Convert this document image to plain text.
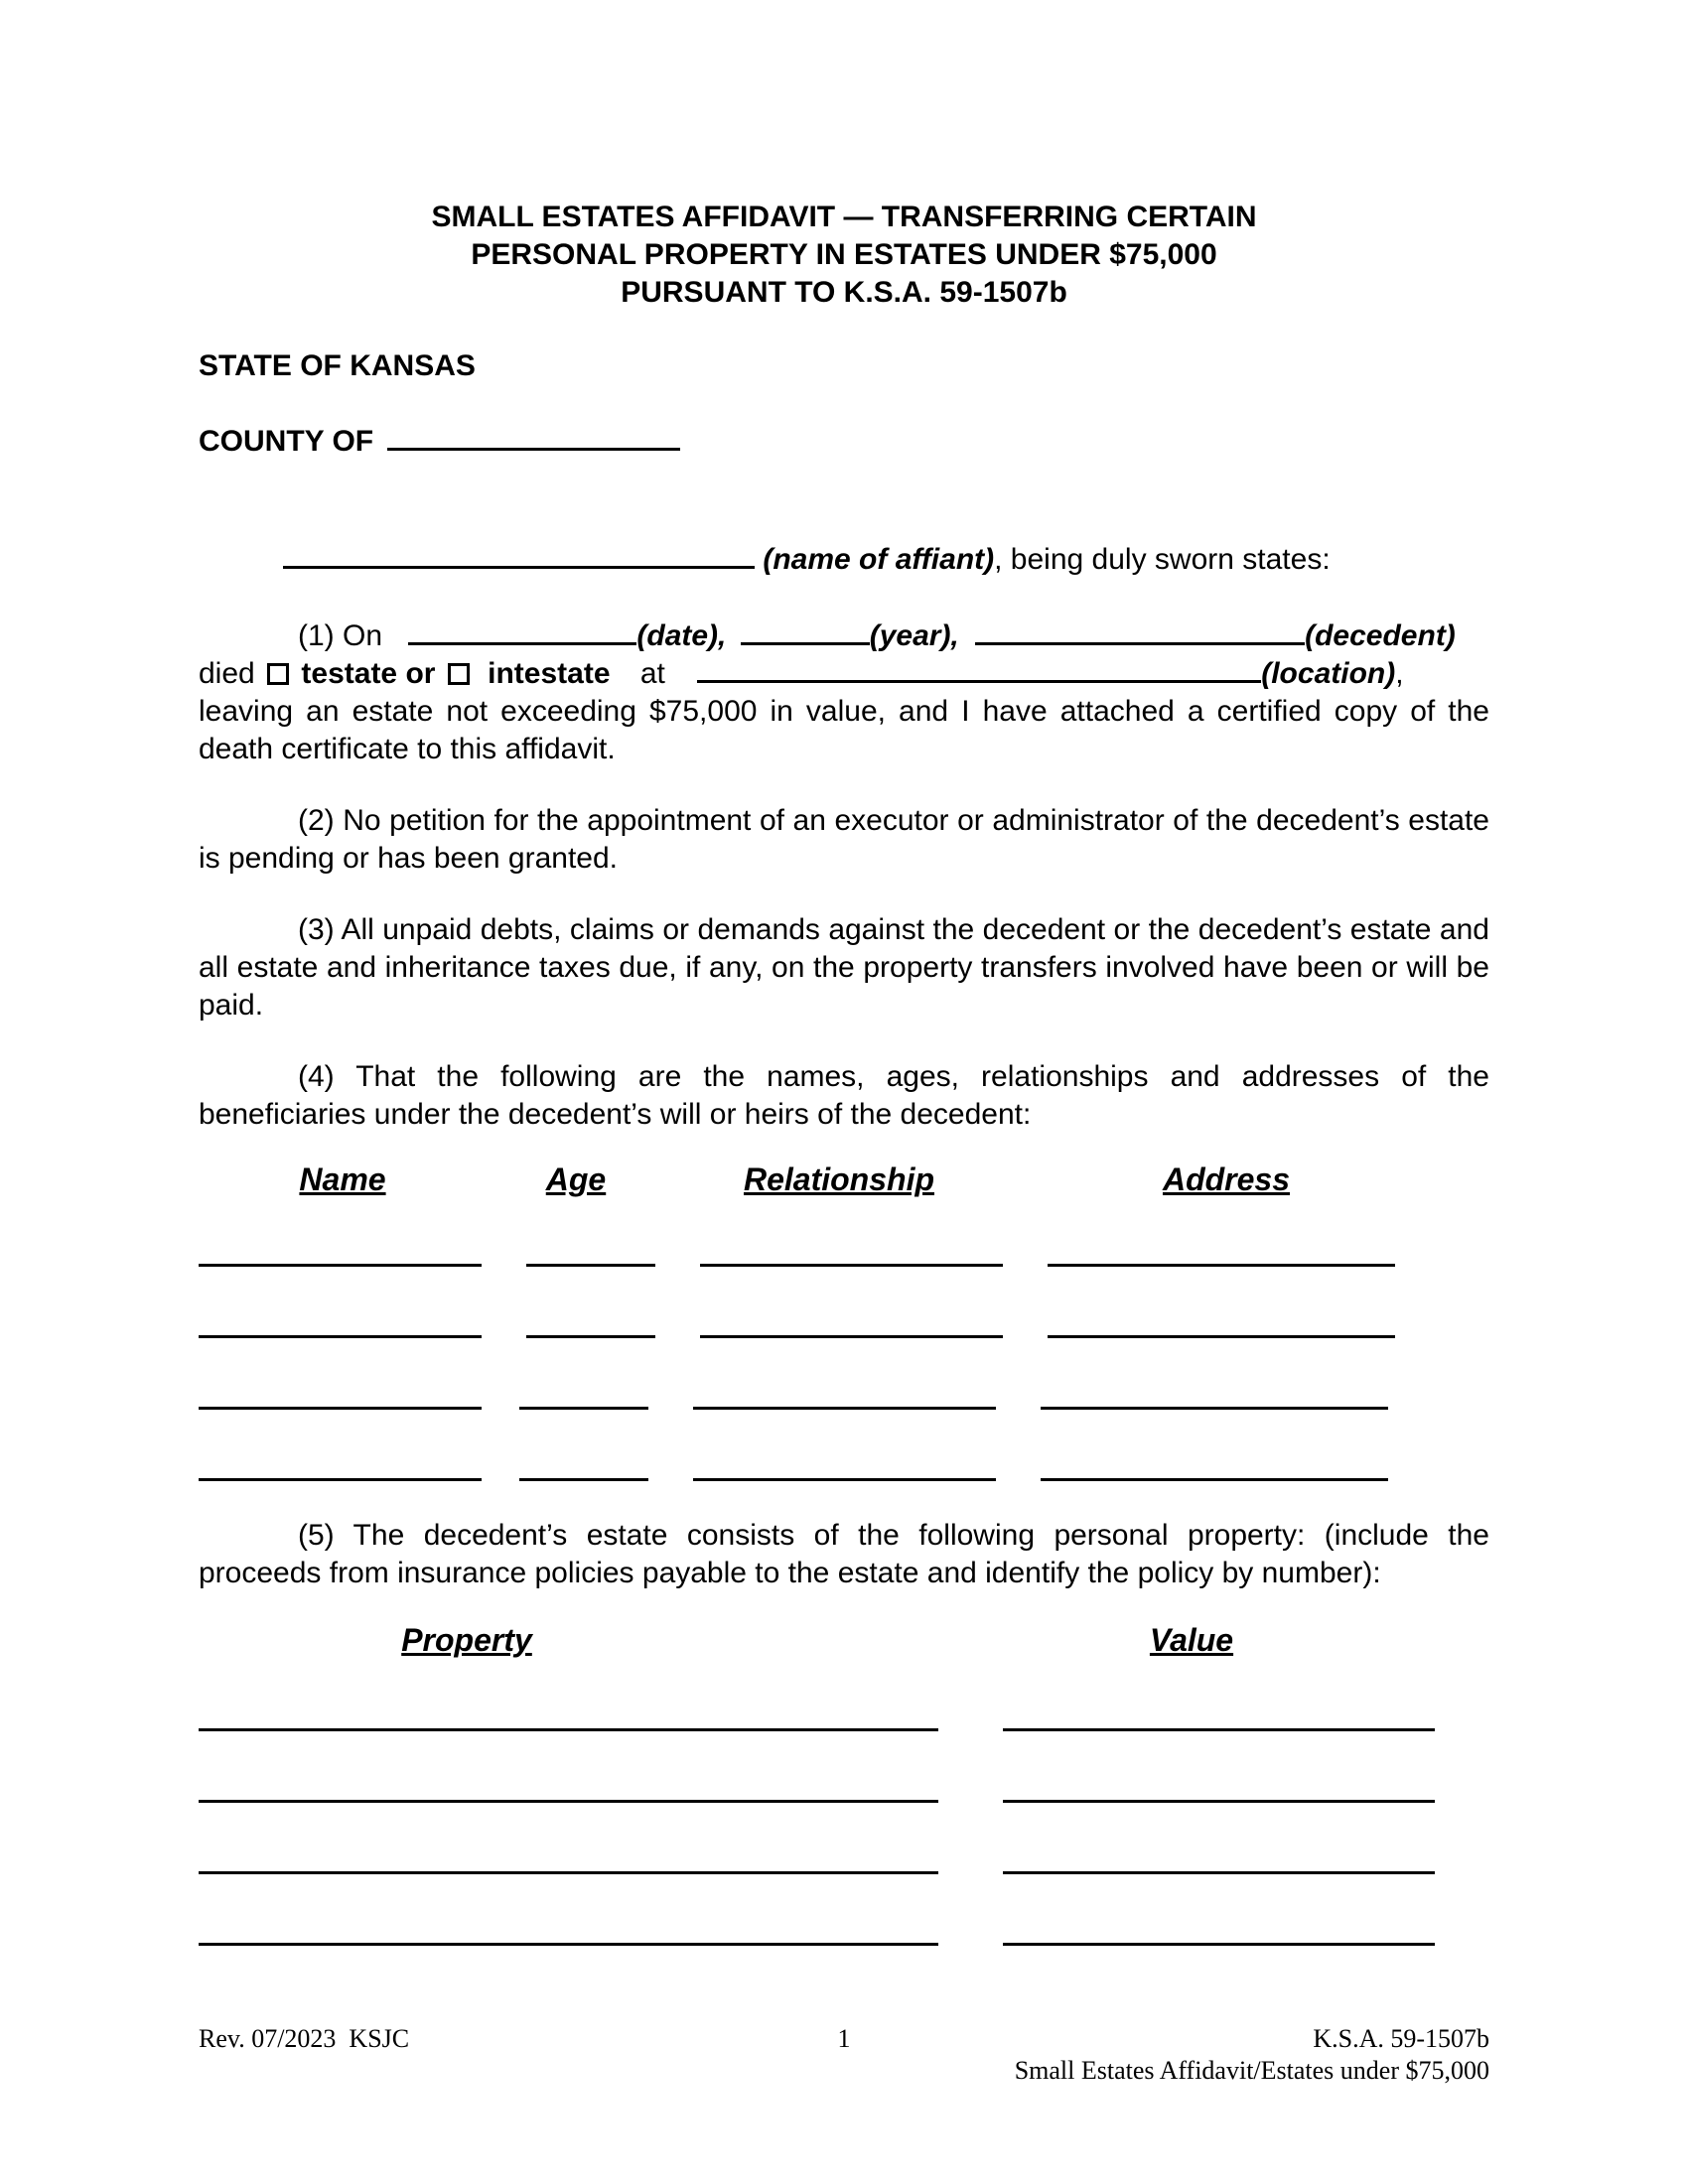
SMALL ESTATES AFFIDAVIT — TRANSFERRING CERTAIN
PERSONAL PROPERTY IN ESTATES UNDER $75,000
PURSUANT TO K.S.A. 59-1507b
STATE OF KANSAS
COUNTY OF
(name of affiant), being duly sworn states:
(1) On	(date),	(year),	(decedent)
died testate or intestate at	(location),
leaving an estate not exceeding $75,000 in value, and I have attached a certified copy of the death certificate to this affidavit.
(2) No petition for the appointment of an executor or administrator of the decedent’s estate is pending or has been granted.
(3) All unpaid debts, claims or demands against the decedent or the decedent’s estate and all estate and inheritance taxes due, if any, on the property transfers involved have been or will be paid.
(4) That the following are the names, ages, relationships and addresses of the beneficiaries under the decedent’s will or heirs of the decedent:
Name	Age	Relationship	Address
(5) The decedent’s estate consists of the following personal property: (include the proceeds from insurance policies payable to the estate and identify the policy by number):
Property	Value
Rev. 07/2023  KSJC	1	K.S.A. 59-1507b
Small Estates Affidavit/Estates under $75,000
